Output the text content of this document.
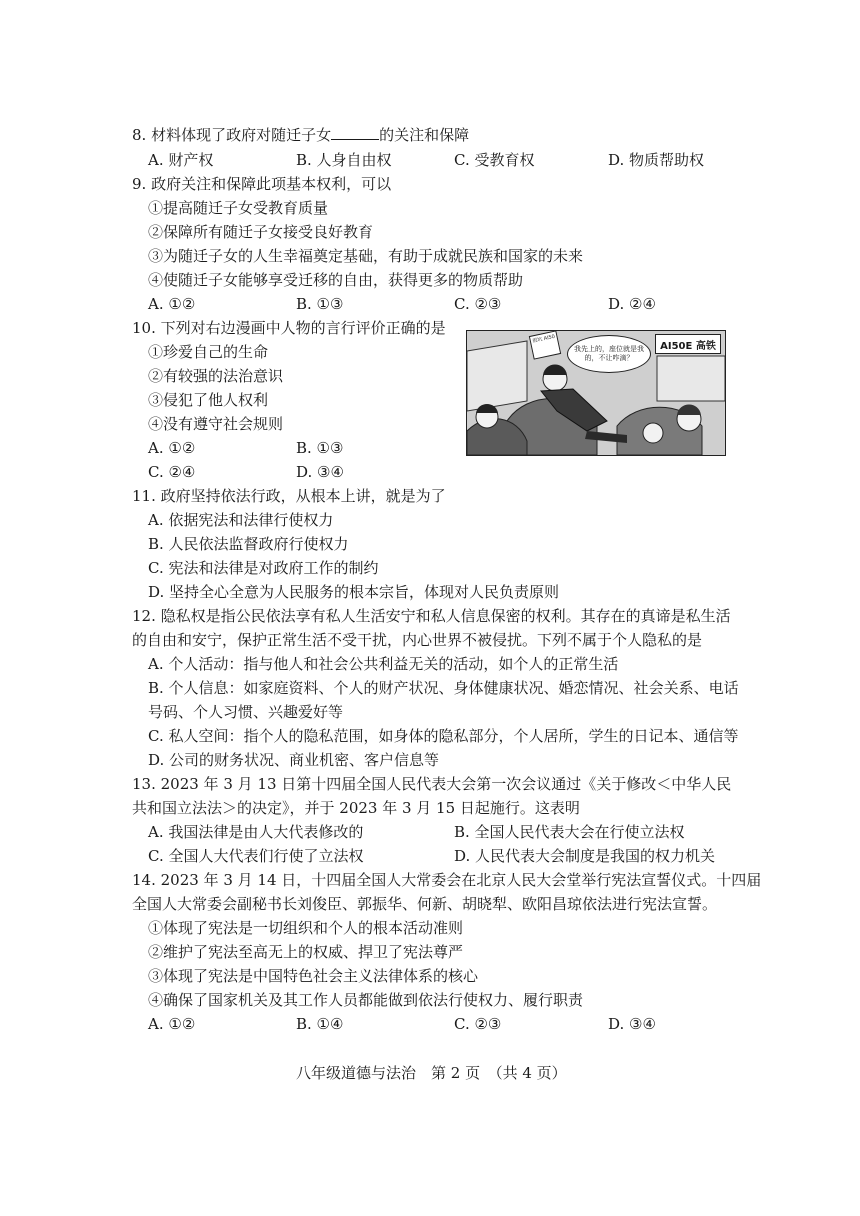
8. 材料体现了政府对随迁子女	的关注和保障
A. 财产权	B. 人身自由权	C. 受教育权	D. 物质帮助权
9. 政府关注和保障此项基本权利，可以
①提高随迁子女受教育质量
②保障所有随迁子女接受良好教育
③为随迁子女的人生幸福奠定基础，有助于成就民族和国家的未来
④使随迁子女能够享受迁移的自由，获得更多的物质帮助
A. ①②	B. ①③	C. ②③	D. ②④
10. 下列对右边漫画中人物的言行评价正确的是
①珍爱自己的生命
②有较强的法治意识
③侵犯了他人权利
④没有遵守社会规则
A. ①②	B. ①③
C. ②④	D. ③④
很坑 AI50
我先上的，座位就是我的，不让咋滴？
AI50E 高铁
11. 政府坚持依法行政，从根本上讲，就是为了
A. 依据宪法和法律行使权力
B. 人民依法监督政府行使权力
C. 宪法和法律是对政府工作的制约
D. 坚持全心全意为人民服务的根本宗旨，体现对人民负责原则
12. 隐私权是指公民依法享有私人生活安宁和私人信息保密的权利。其存在的真谛是私生活
的自由和安宁，保护正常生活不受干扰，内心世界不被侵扰。下列不属于个人隐私的是
A. 个人活动：指与他人和社会公共利益无关的活动，如个人的正常生活
B. 个人信息：如家庭资料、个人的财产状况、身体健康状况、婚恋情况、社会关系、电话
号码、个人习惯、兴趣爱好等
C. 私人空间：指个人的隐私范围，如身体的隐私部分，个人居所，学生的日记本、通信等
D. 公司的财务状况、商业机密、客户信息等
13. 2023 年 3 月 13 日第十四届全国人民代表大会第一次会议通过《关于修改＜中华人民
共和国立法法＞的决定》，并于 2023 年 3 月 15 日起施行。这表明
A. 我国法律是由人大代表修改的	B. 全国人民代表大会在行使立法权
C. 全国人大代表们行使了立法权	D. 人民代表大会制度是我国的权力机关
14. 2023 年 3 月 14 日，十四届全国人大常委会在北京人民大会堂举行宪法宣誓仪式。十四届
全国人大常委会副秘书长刘俊臣、郭振华、何新、胡晓犁、欧阳昌琼依法进行宪法宣誓。
①体现了宪法是一切组织和个人的根本活动准则
②维护了宪法至高无上的权威、捍卫了宪法尊严
③体现了宪法是中国特色社会主义法律体系的核心
④确保了国家机关及其工作人员都能做到依法行使权力、履行职责
A. ①②	B. ①④	C. ②③	D. ③④
八年级道德与法治　第 2 页　（共 4 页）
